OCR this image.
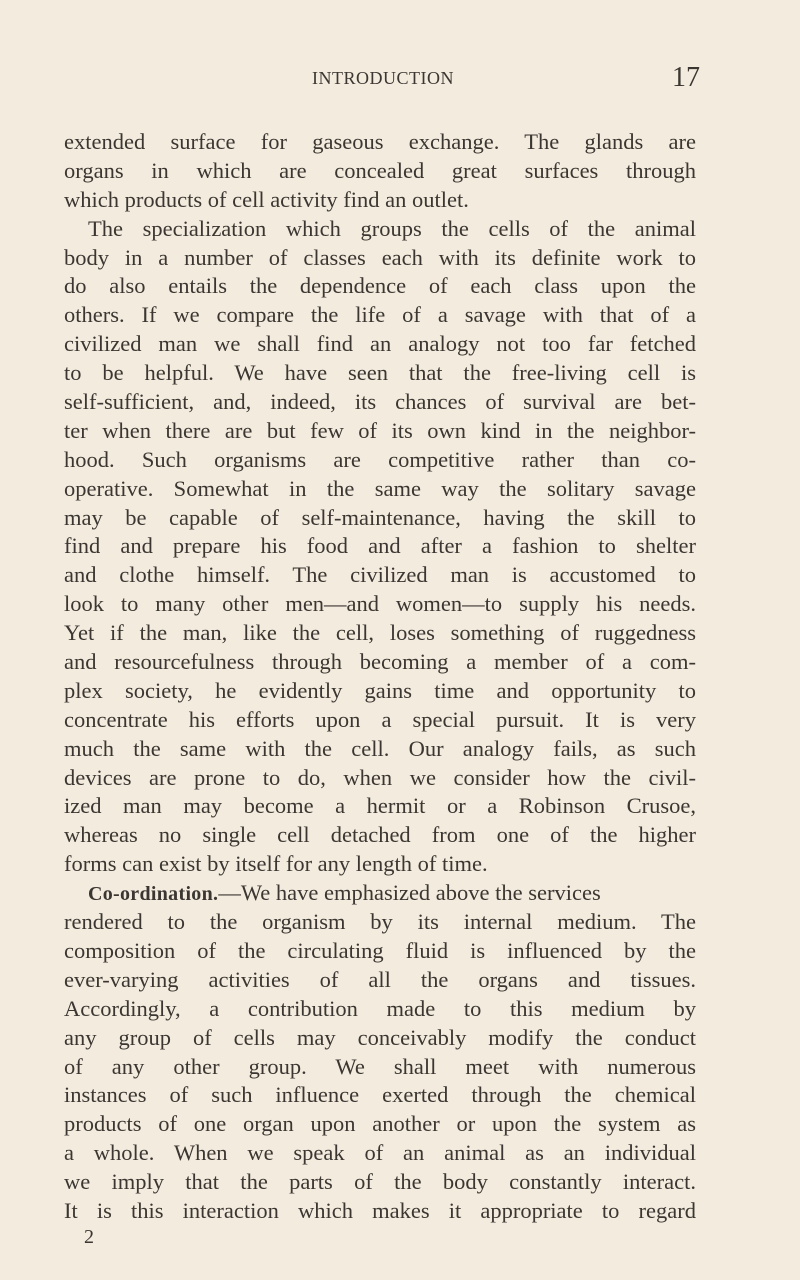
INTRODUCTION	17
extended surface for gaseous exchange. The glands are
organs in which are concealed great surfaces through
which products of cell activity find an outlet.
The specialization which groups the cells of the animal
body in a number of classes each with its definite work to
do also entails the dependence of each class upon the
others. If we compare the life of a savage with that of a
civilized man we shall find an analogy not too far fetched
to be helpful. We have seen that the free-living cell is
self-sufficient, and, indeed, its chances of survival are bet-
ter when there are but few of its own kind in the neighbor-
hood. Such organisms are competitive rather than co-
operative. Somewhat in the same way the solitary savage
may be capable of self-maintenance, having the skill to
find and prepare his food and after a fashion to shelter
and clothe himself. The civilized man is accustomed to
look to many other men—and women—to supply his needs.
Yet if the man, like the cell, loses something of ruggedness
and resourcefulness through becoming a member of a com-
plex society, he evidently gains time and opportunity to
concentrate his efforts upon a special pursuit. It is very
much the same with the cell. Our analogy fails, as such
devices are prone to do, when we consider how the civil-
ized man may become a hermit or a Robinson Crusoe,
whereas no single cell detached from one of the higher
forms can exist by itself for any length of time.
Co-ordination.—We have emphasized above the services
rendered to the organism by its internal medium. The
composition of the circulating fluid is influenced by the
ever-varying activities of all the organs and tissues.
Accordingly, a contribution made to this medium by
any group of cells may conceivably modify the conduct
of any other group. We shall meet with numerous
instances of such influence exerted through the chemical
products of one organ upon another or upon the system as
a whole. When we speak of an animal as an individual
we imply that the parts of the body constantly interact.
It is this interaction which makes it appropriate to regard
2
